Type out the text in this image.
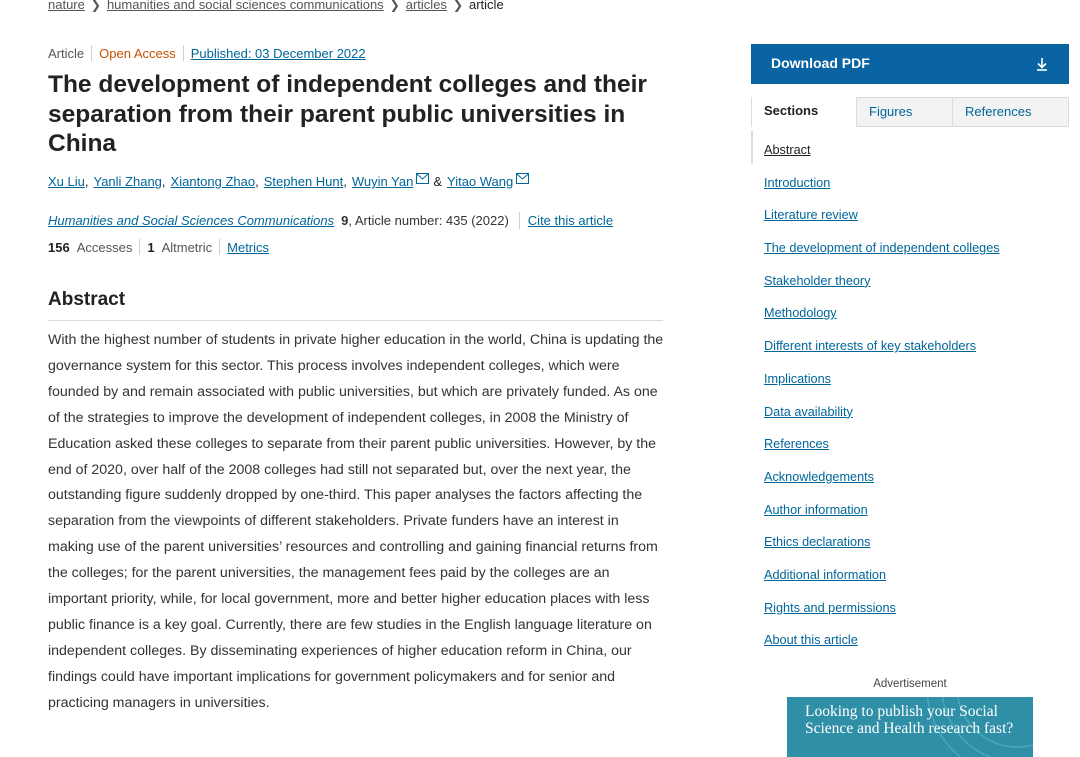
nature ❯ humanities and social sciences communications ❯ articles ❯ article
Article Open Access Published: 03 December 2022
The development of independent colleges and their separation from their parent public universities in China
Xu Liu , Yanli Zhang , Xiantong Zhao , Stephen Hunt , Wuyin Yan & Yitao Wang
Humanities and Social Sciences Communications 9 , Article number: 435 (2022) Cite this article
156 Accesses 1 Altmetric Metrics
Abstract

With the highest number of students in private higher education in the world, China is updating the governance system for this sector. This process involves independent colleges, which were founded by and remain associated with public universities, but which are privately funded. As one of the strategies to improve the development of independent colleges, in 2008 the Ministry of Education asked these colleges to separate from their parent public universities. However, by the end of 2020, over half of the 2008 colleges had still not separated but, over the next year, the outstanding figure suddenly dropped by one-third. This paper analyses the factors affecting the separation from the viewpoints of different stakeholders. Private funders have an interest in making use of the parent universities’ resources and controlling and gaining financial returns from the colleges; for the parent universities, the management fees paid by the colleges are an important priority, while, for local government, more and better higher education places with less public finance is a key goal. Currently, there are few studies in the English language literature on independent colleges. By disseminating experiences of higher education reform in China, our findings could have important implications for government policymakers and for senior and practicing managers in universities.

Download PDF
Sections	Figures	References
Abstract
Introduction
Literature review
The development of independent colleges
Stakeholder theory
Methodology
Different interests of key stakeholders
Implications
Data availability
References
Acknowledgements
Author information
Ethics declarations
Additional information
Rights and permissions
About this article
Advertisement
Looking to publish your Social Science and Health research fast?
